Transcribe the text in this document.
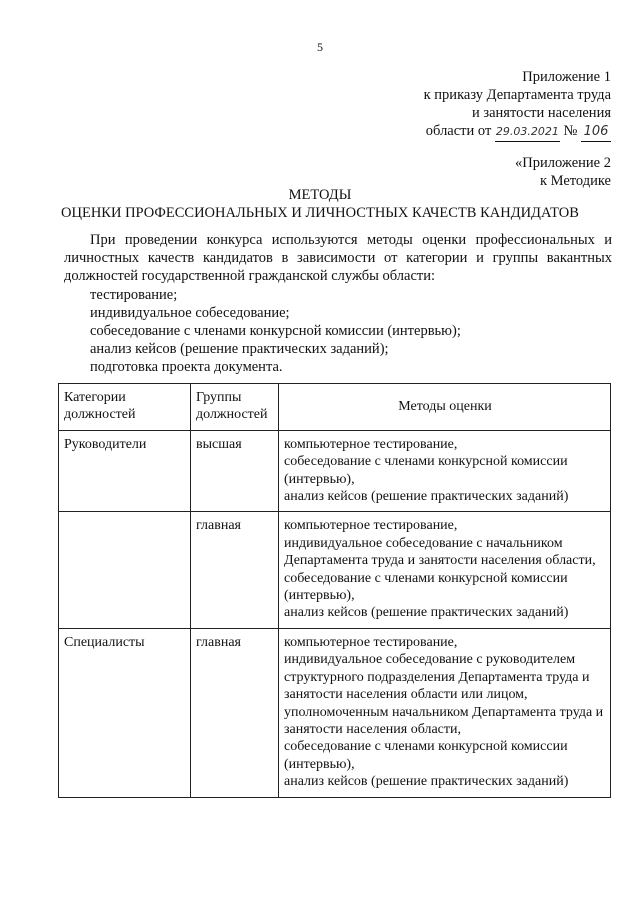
5
Приложение 1
к приказу Департамента труда
и занятости населения
области от 29.03.2021 № 106
«Приложение 2
к Методике
МЕТОДЫ
ОЦЕНКИ ПРОФЕССИОНАЛЬНЫХ И ЛИЧНОСТНЫХ КАЧЕСТВ КАНДИДАТОВ

При проведении конкурса используются методы оценки профессиональных и личностных качеств кандидатов в зависимости от категории и группы вакантных должностей государственной гражданской службы области:

тестирование;
индивидуальное собеседование;
собеседование с членами конкурсной комиссии (интервью);
анализ кейсов (решение практических заданий);
подготовка проекта документа.
Категории должностей	Группы должностей	Методы оценки
Руководители	высшая	компьютерное тестирование,
собеседование с членами конкурсной комиссии (интервью),
анализ кейсов (решение практических заданий)

	главная	компьютерное тестирование,
индивидуальное собеседование с начальником Департамента труда и занятости населения области,
собеседование с членами конкурсной комиссии (интервью),
анализ кейсов (решение практических заданий)

Специалисты	главная	компьютерное тестирование,
индивидуальное собеседование с руководителем структурного подразделения Департамента труда и занятости населения области или лицом, уполномоченным начальником Департамента труда и занятости населения области,
собеседование с членами конкурсной комиссии (интервью),
анализ кейсов (решение практических заданий)
